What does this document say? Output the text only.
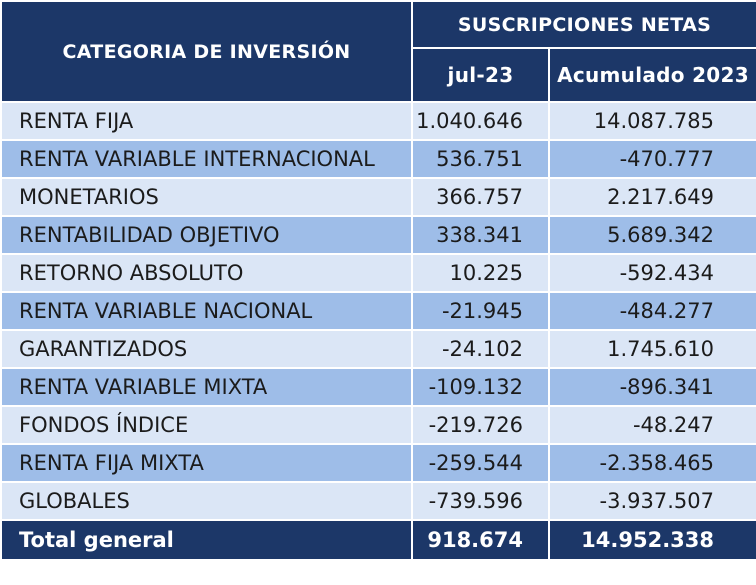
CATEGORIA DE INVERSIÓN	SUSCRIPCIONES NETAS	
	jul-23	Acumulado 2023
RENTA FIJA	1.040.646	14.087.785
RENTA VARIABLE INTERNACIONAL	536.751	-470.777
MONETARIOS	366.757	2.217.649
RENTABILIDAD OBJETIVO	338.341	5.689.342
RETORNO ABSOLUTO	10.225	-592.434
RENTA VARIABLE NACIONAL	-21.945	-484.277
GARANTIZADOS	-24.102	1.745.610
RENTA VARIABLE MIXTA	-109.132	-896.341
FONDOS ÍNDICE	-219.726	-48.247
RENTA FIJA MIXTA	-259.544	-2.358.465
GLOBALES	-739.596	-3.937.507
Total general	918.674	14.952.338
